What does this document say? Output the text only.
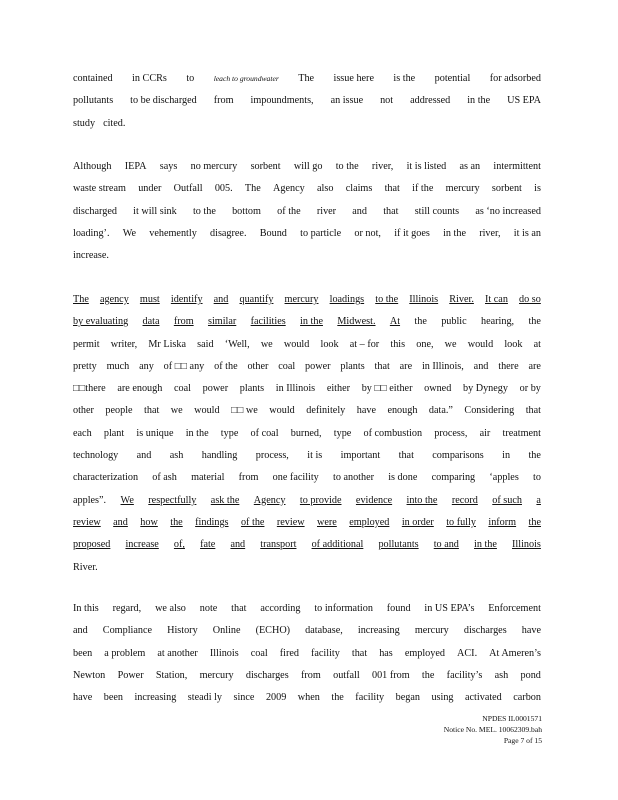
contained in CCRs to	leach to groundwater The issue here is the potential for adsorbed
pollutants to be discharged from impoundments, an issue not addressed in the US EPA
study cited.
Although IEPA says no mercury sorbent will go to the river, it is listed as an intermittent
waste stream under Outfall 005. The Agency also claims that if the mercury sorbent is
discharged it will sink to the bottom of the river and that still counts as ‘no increased
loading’. We vehemently disagree. Bound to particle or not, if it goes in the river, it is an
increase.
The agency must identify and quantify mercury loadings to the Illinois River. It can do so
by evaluating data from similar facilities in the Midwest. At the public hearing, the
permit writer, Mr Liska said ‘Well, we would look at – for this one, we would look at
pretty much any of □□ any of the other coal power plants that are in Illinois, and there are
□□there are enough coal power plants in Illinois either by □□ either owned by Dynegy or by
other people that we would □□ we would definitely have enough data.” Considering that
each plant is unique in the type of coal burned, type of combustion process, air treatment
technology and ash handling process, it is important that comparisons in the
characterization of ash material from one facility to another is done comparing ‘apples to
apples”. We respectfully ask the Agency to provide evidence into the record of such a
review and how the findings of the review were employed in order to fully inform the
proposed increase of, fate and transport of additional pollutants to and in the Illinois
River.
In this regard, we also note that according to information found in US EPA’s Enforcement
and Compliance History Online (ECHO) database, increasing mercury discharges have
been a problem at another Illinois coal fired facility that has employed ACI. At Ameren’s
Newton Power Station, mercury discharges from outfall 001 from the facility’s ash pond
have been increasing steadi ly since 2009 when the facility began using activated carbon
NPDES IL0001571
Notice No. MEL. 10062309.bah
Page 7 of 15
